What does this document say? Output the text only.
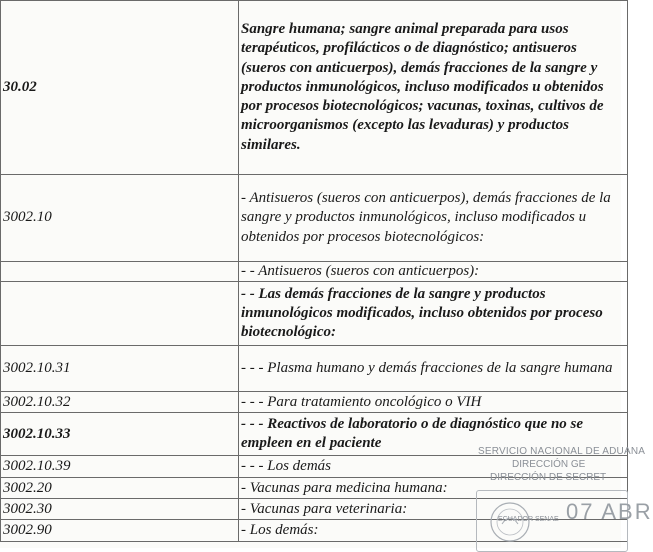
30.02	Sangre humana; sangre animal preparada para usos terapéuticos, profilácticos o de diagnóstico; antisueros (sueros con anticuerpos), demás fracciones de la sangre y productos inmunológicos, incluso modificados u obtenidos por procesos biotecnológicos; vacunas, toxinas, cultivos de microorganismos (excepto las levaduras) y productos similares.
3002.10	- Antisueros (sueros con anticuerpos), demás fracciones de la sangre y productos inmunológicos, incluso modificados u obtenidos por procesos biotecnológicos:
	- - Antisueros (sueros con anticuerpos):
	- - Las demás fracciones de la sangre y productos inmunológicos modificados, incluso obtenidos por proceso biotecnológico:
3002.10.31	- - - Plasma humano y demás fracciones de la sangre humana
3002.10.32	- - - Para tratamiento oncológico o VIH
3002.10.33	- - - Reactivos de laboratorio o de diagnóstico que no se empleen en el paciente
3002.10.39	- - - Los demás
3002.20	- Vacunas para medicina humana:
3002.30	- Vacunas para veterinaria:
3002.90	- Los demás:
SERVICIO NACIONAL DE ADUANA
DIRECCIÓN GE
DIRECCIÓN DE SECRET
ECUADOR SENAE 07 ABR
